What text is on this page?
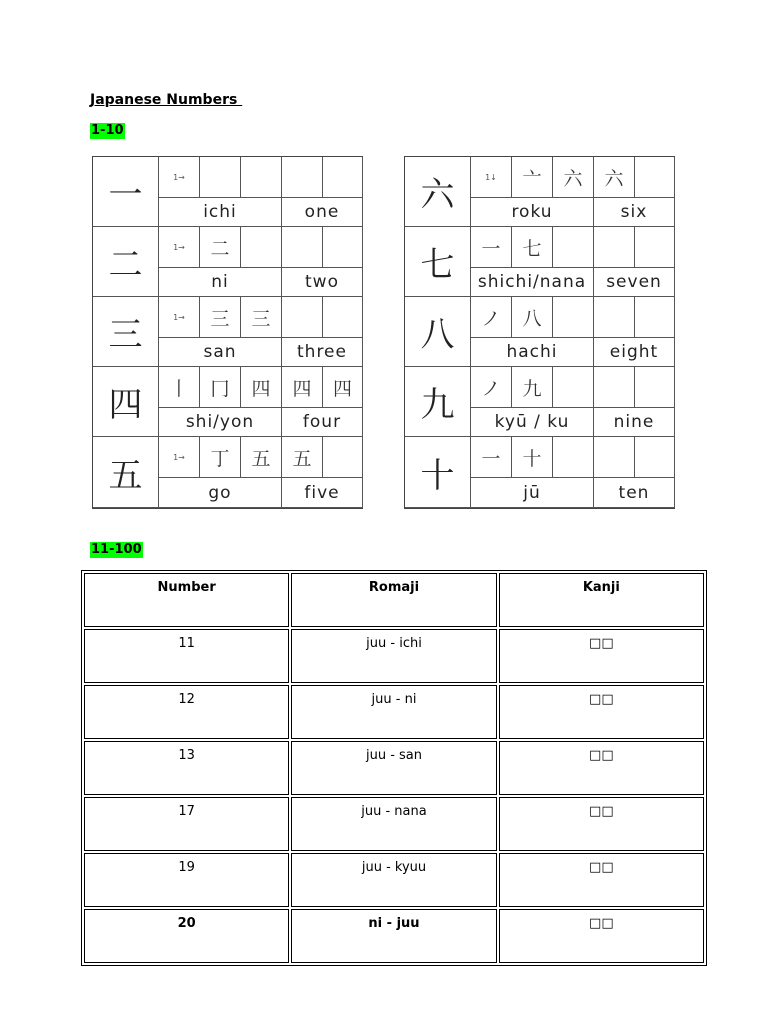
Japanese Numbers
1-10
一	1→
ichi	one
二	1→	二
ni	two
三	1→	三	三
san	three
四	丨	冂	四	四	四
shi/yon	four
五	1→	丁	五	五
go	five
六	1↓	亠	六	六
roku	six
七	一	七
shichi/nana	seven
八	ノ	八
hachi	eight
九	ノ	九
kyū / ku	nine
十	一	十
jū	ten
11-100
Number	Romaji	Kanji
11	juu - ichi	□□
12	juu - ni	□□
13	juu - san	□□
17	juu - nana	□□
19	juu - kyuu	□□
20	ni - juu	□□
